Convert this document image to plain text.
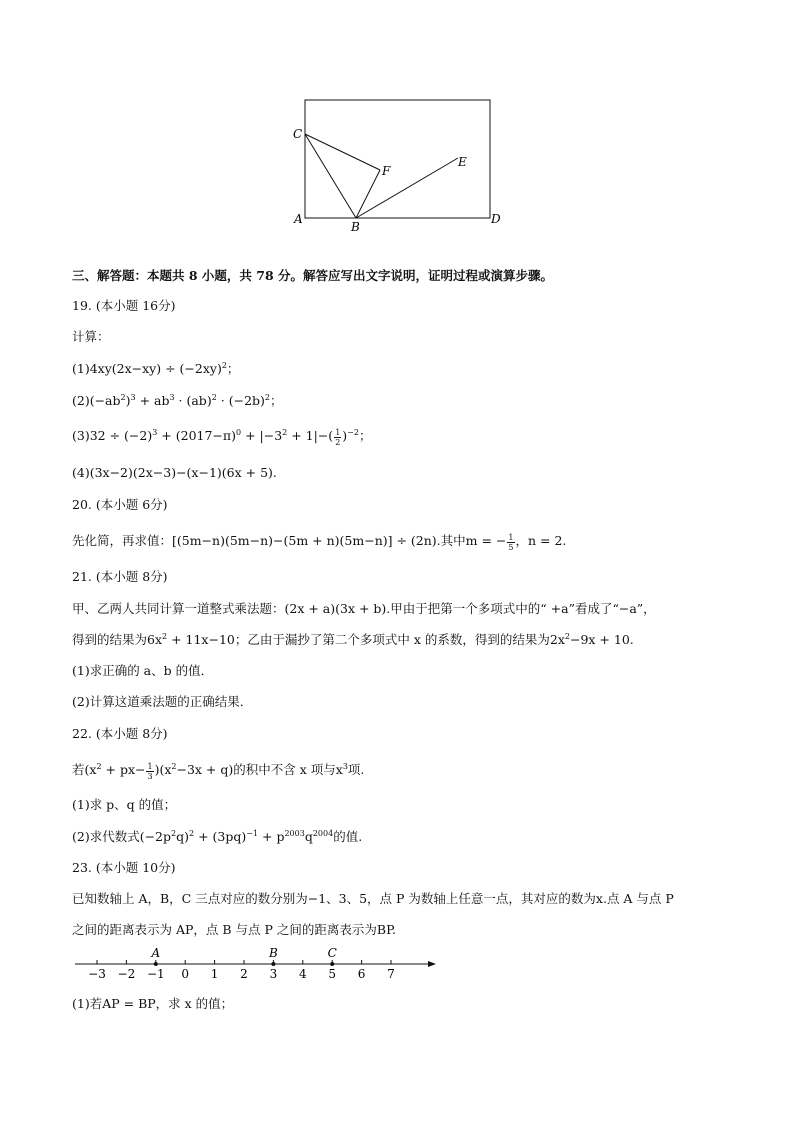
C
F
E
A
B
D
三、解答题：本题共 8 小题，共 78 分。解答应写出文字说明，证明过程或演算步骤。
19. (本小题 16分)
计算：
$(1)4xy(2x-xy) \div (-2xy)^2$；
$(2)(-ab^2)^3 + ab^3 \cdot (ab)^2 \cdot (-2b)^2$；
$(3)32 \div (-2)^3 + (2017-\pi)^0 + |-3^2 + 1|-( \frac{1}{2} )^{-2}$；
(4)(3x−2)(2x−3)−(x−1)(6x + 5).
20. (本小题 6分)
先化简，再求值：[(5m−n)(5m−n)−(5m + n)(5m−n)] ÷ (2n).其中m = − $\frac{1}{5}$ ，n = 2.
21. (本小题 8分)
甲、乙两人共同计算一道整式乘法题：(2x + a)(3x + b).甲由于把第一个多项式中的“ +a”看成了“−a”，
得到的结果为$6x^2 + 11x-10$；乙由于漏抄了第二个多项式中 x 的系数，得到的结果为$2x^2-9x + 10$.
(1)求正确的 a、b 的值．
(2)计算这道乘法题的正确结果．
22. (本小题 8分)
若$(x^2 + px- \frac{1}{3} )(x^2-3x + q)$的积中不含 x 项与$x^3$项.
(1)求 p、q 的值；
(2)求代数式$(-2p^2q)^2 + (3pq)^{-1} + p^{2003}q^{2004}$的值.
23. (本小题 10分)
已知数轴上 A，B，C 三点对应的数分别为−1、3、5，点 P 为数轴上任意一点，其对应的数为x.点 A 与点 P
之间的距离表示为 AP，点 B 与点 P 之间的距离表示为BP.
−3 −2 −1 0 1 2 3 4 5 6 7
A	B	C
(1)若AP = BP，求 x 的值；
